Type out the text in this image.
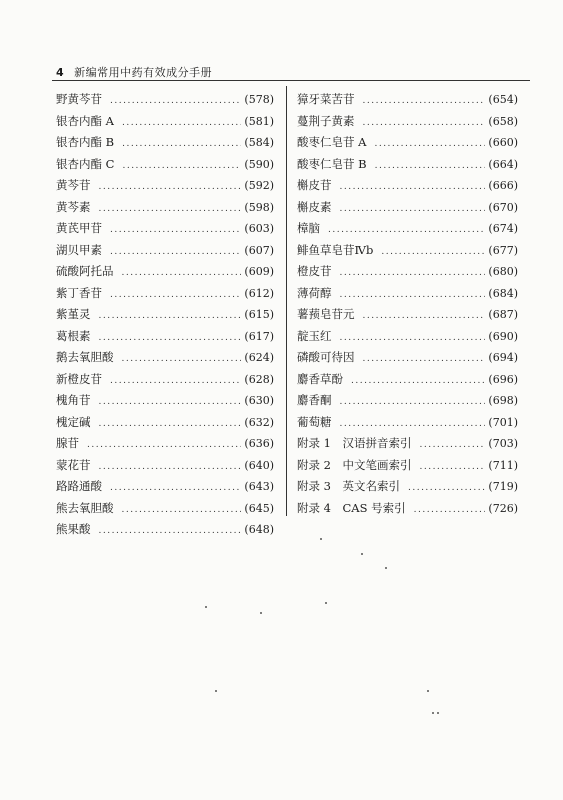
4 新编常用中药有效成分手册
野黄芩苷 .....	(578)
银杏内酯 A .....	(581)
银杏内酯 B .....	(584)
银杏内酯 C .....	(590)
黄芩苷 .....	(592)
黄芩素 .....	(598)
黄芪甲苷 .....	(603)
湖贝甲素 .....	(607)
硫酸阿托品 .....	(609)
紫丁香苷 .....	(612)
紫堇灵 .....	(615)
葛根素 .....	(617)
鹅去氧胆酸 .....	(624)
新橙皮苷 .....	(628)
槐角苷 .....	(630)
槐定碱 .....	(632)
腺苷 .....	(636)
蒙花苷 .....	(640)
路路通酸 .....	(643)
熊去氧胆酸 .....	(645)
熊果酸 .....	(648)
獐牙菜苦苷 .....	(654)
蔓荆子黄素 .....	(658)
酸枣仁皂苷 A .....	(660)
酸枣仁皂苷 B .....	(664)
槲皮苷 .....	(666)
槲皮素 .....	(670)
樟脑 .....	(674)
鲱鱼草皂苷Ⅳb .....	(677)
橙皮苷 .....	(680)
薄荷醇 .....	(684)
薯蓣皂苷元 .....	(687)
靛玉红 .....	(690)
磷酸可待因 .....	(694)
麝香草酚 .....	(696)
麝香酮 .....	(698)
葡萄糖 .....	(701)
附录 1　汉语拼音索引 .....	(703)
附录 2　中文笔画索引 .....	(711)
附录 3　英文名索引 .....	(719)
附录 4　CAS 号索引 .....	(726)
